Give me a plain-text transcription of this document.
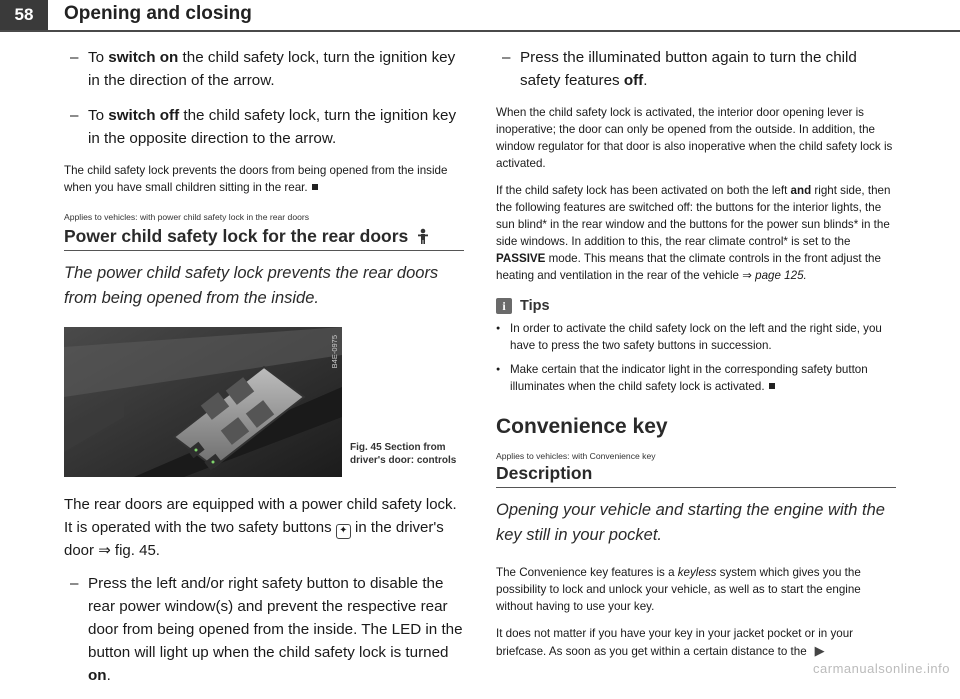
58	Opening and closing
– To switch on the child safety lock, turn the ignition key in the direction of the arrow.
– To switch off the child safety lock, turn the ignition key in the opposite direction to the arrow.
The child safety lock prevents the doors from being opened from the inside when you have small children sitting in the rear.
Applies to vehicles: with power child safety lock in the rear doors
Power child safety lock for the rear doors
The power child safety lock prevents the rear doors from being opened from the inside.
B4E-0975
Fig. 45 Section from
driver's door: controls
The rear doors are equipped with a power child safety lock. It is operated with the two safety buttons ✦ in the driver's door ⇒ fig. 45.
– Press the left and/or right safety button to disable the rear power window(s) and prevent the respective rear door from being opened from the inside. The LED in the button will light up when the child safety lock is turned on.
– Press the illuminated button again to turn the child safety features off.
When the child safety lock is activated, the interior door opening lever is inoperative; the door can only be opened from the outside. In addition, the window regulator for that door is also inoperative when the child safety lock is activated.
If the child safety lock has been activated on both the left and right side, then the following features are switched off: the buttons for the interior lights, the sun blind* in the rear window and the buttons for the power sun blinds* in the side windows. In addition to this, the rear climate control* is set to the PASSIVE mode. This means that the climate controls in the front adjust the heating and ventilation in the rear of the vehicle ⇒ page 125.
i Tips
● In order to activate the child safety lock on the left and the right side, you have to press the two safety buttons in succession.
● Make certain that the indicator light in the corresponding safety button illuminates when the child safety lock is activated.
Convenience key
Applies to vehicles: with Convenience key
Description
Opening your vehicle and starting the engine with the key still in your pocket.
The Convenience key features is a keyless system which gives you the possibility to lock and unlock your vehicle, as well as to start the engine without having to use your key.
It does not matter if you have your key in your jacket pocket or in your briefcase. As soon as you get within a certain distance to the ▶
carmanualsonline.info
